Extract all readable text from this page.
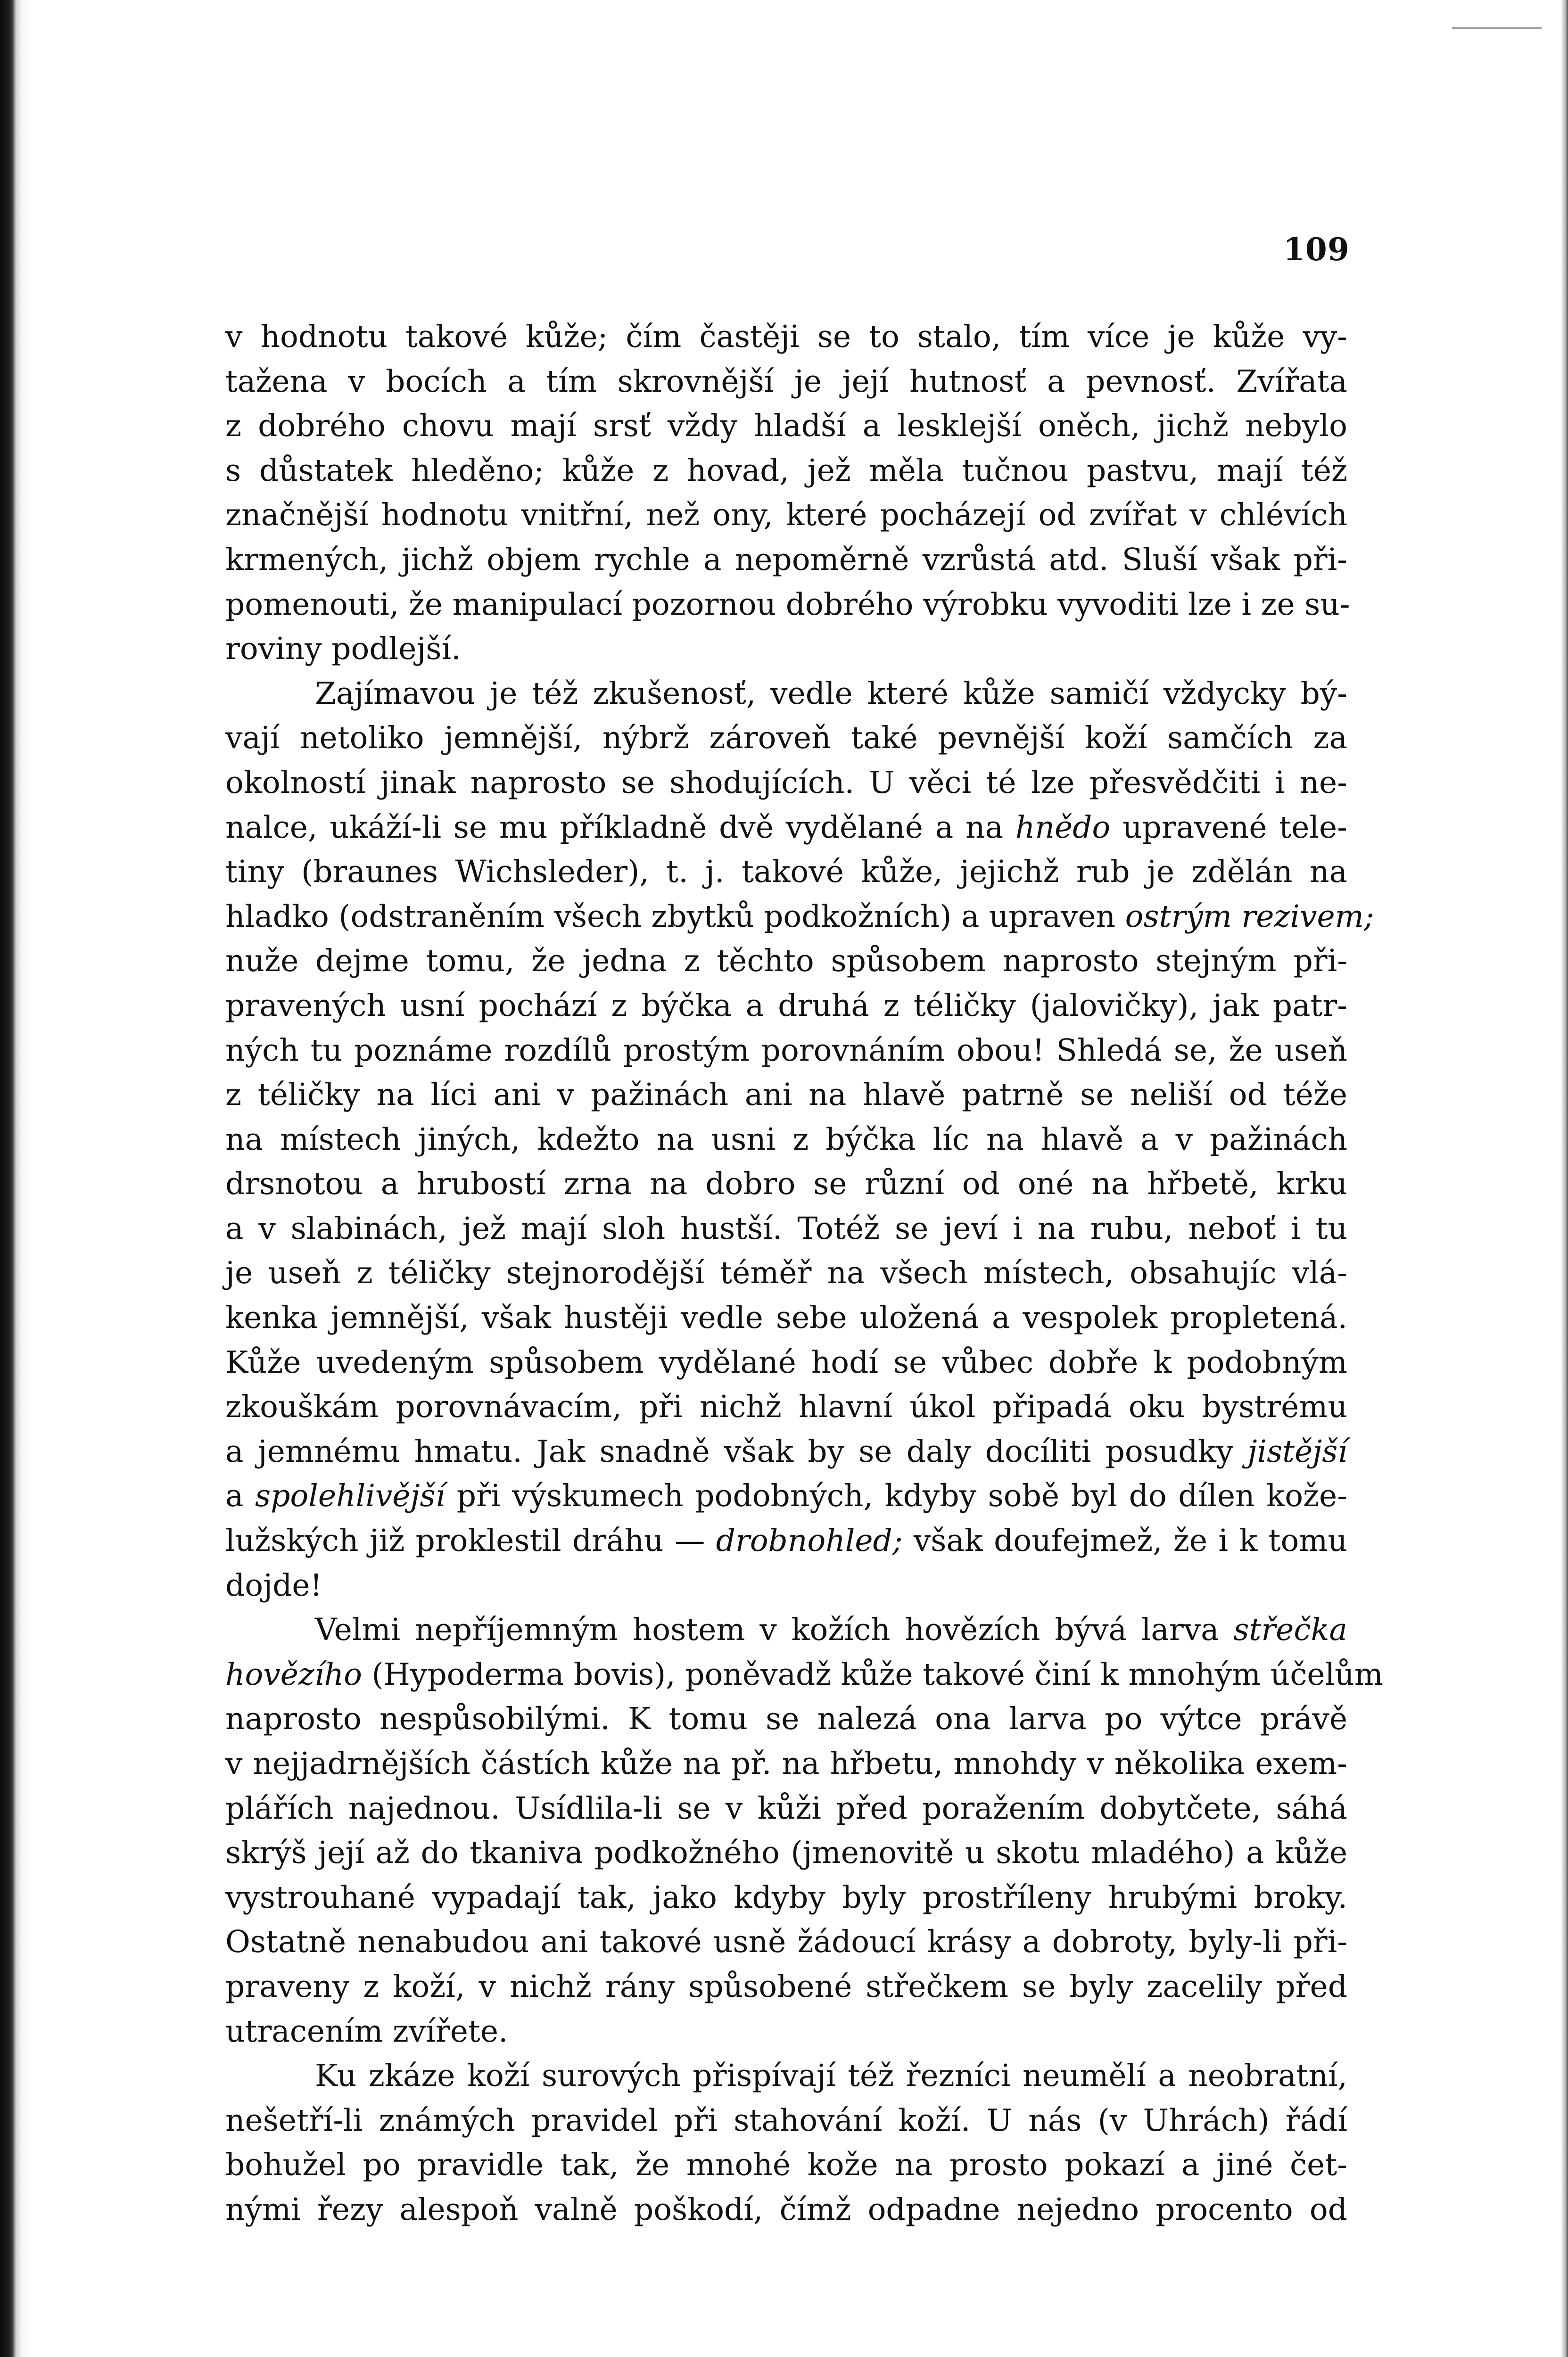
109
v hodnotu takové kůže; čím častěji se to stalo, tím více je kůže vy-
tažena v bocích a tím skrovnější je její hutnosť a pevnosť. Zvířata
z dobrého chovu mají srsť vždy hladší a lesklejší oněch, jichž nebylo
s důstatek hleděno; kůže z hovad, jež měla tučnou pastvu, mají též
značnější hodnotu vnitřní, než ony, které pocházejí od zvířat v chlévích
krmených, jichž objem rychle a nepoměrně vzrůstá atd. Sluší však při-
pomenouti, že manipulací pozornou dobrého výrobku vyvoditi lze i ze su-
roviny podlejší.
Zajímavou je též zkušenosť, vedle které kůže samičí vždycky bý-
vají netoliko jemnější, nýbrž zároveň také pevnější koží samčích za
okolností jinak naprosto se shodujících. U věci té lze přesvědčiti i ne-
nalce, ukáží-li se mu příkladně dvě vydělané a na hnědo upravené tele-
tiny (braunes Wichsleder), t. j. takové kůže, jejichž rub je zdělán na
hladko (odstraněním všech zbytků podkožních) a upraven ostrým rezivem;
nuže dejme tomu, že jedna z těchto spůsobem naprosto stejným při-
pravených usní pochází z býčka a druhá z téličky (jalovičky), jak patr-
ných tu poznáme rozdílů prostým porovnáním obou! Shledá se, že useň
z téličky na líci ani v pažinách ani na hlavě patrně se neliší od téže
na místech jiných, kdežto na usni z býčka líc na hlavě a v pažinách
drsnotou a hrubostí zrna na dobro se různí od oné na hřbetě, krku
a v slabinách, jež mají sloh hustší. Totéž se jeví i na rubu, neboť i tu
je useň z téličky stejnorodější téměř na všech místech, obsahujíc vlá-
kenka jemnější, však hustěji vedle sebe uložená a vespolek propletená.
Kůže uvedeným spůsobem vydělané hodí se vůbec dobře k podobným
zkouškám porovnávacím, při nichž hlavní úkol připadá oku bystrému
a jemnému hmatu. Jak snadně však by se daly docíliti posudky jistější
a spolehlivější při výskumech podobných, kdyby sobě byl do dílen kože-
lužských již proklestil dráhu — drobnohled; však doufejmež, že i k tomu
dojde!
Velmi nepříjemným hostem v kožích hovězích bývá larva střečka
hovězího (Hypoderma bovis), poněvadž kůže takové činí k mnohým účelům
naprosto nespůsobilými. K tomu se nalezá ona larva po výtce právě
v nejjadrnějších částích kůže na př. na hřbetu, mnohdy v několika exem-
plářích najednou. Usídlila-li se v kůži před poražením dobytčete, sáhá
skrýš její až do tkaniva podkožného (jmenovitě u skotu mladého) a kůže
vystrouhané vypadají tak, jako kdyby byly prostříleny hrubými broky.
Ostatně nenabudou ani takové usně žádoucí krásy a dobroty, byly-li při-
praveny z koží, v nichž rány spůsobené střečkem se byly zacelily před
utracením zvířete.
Ku zkáze koží surových přispívají též řezníci neumělí a neobratní,
nešetří-li známých pravidel při stahování koží. U nás (v Uhrách) řádí
bohužel po pravidle tak, že mnohé kože na prosto pokazí a jiné čet-
nými řezy alespoň valně poškodí, čímž odpadne nejedno procento od
